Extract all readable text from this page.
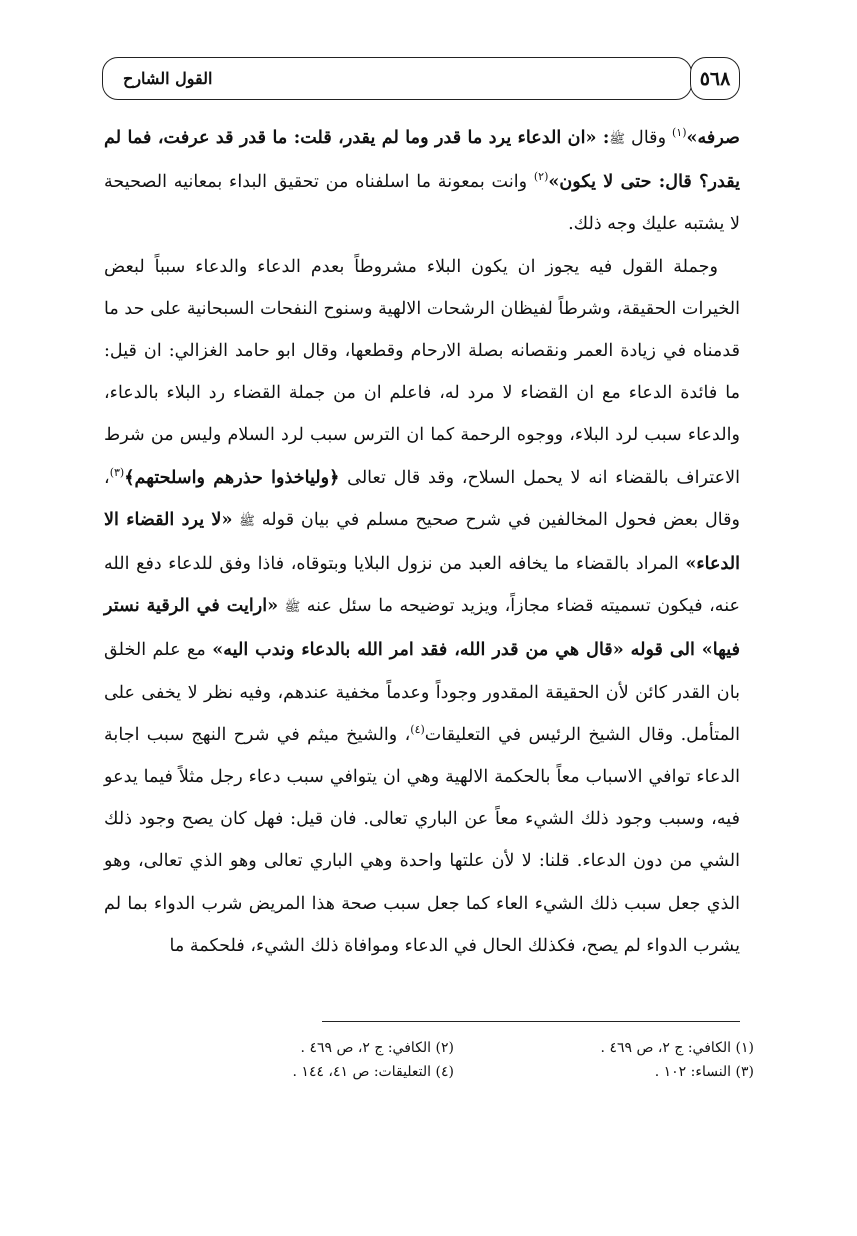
القول الشارح	٥٦٨

صرفه»$^{(١)}$ وقال ﷺ: «ان الدعاء يرد ما قدر وما لم يقدر، قلت: ما قدر قد عرفت، فما لم يقدر؟ قال: حتى لا يكون»$^{(٢)}$ وانت بمعونة ما اسلفناه من تحقيق البداء بمعانيه الصحيحة لا يشتبه عليك وجه ذلك.

وجملة القول فيه يجوز ان يكون البلاء مشروطاً بعدم الدعاء والدعاء سبباً لبعض الخيرات الحقيقة، وشرطاً لفيظان الرشحات الالهية وسنوح النفحات السبحانية على حد ما قدمناه في زيادة العمر ونقصانه بصلة الارحام وقطعها، وقال ابو حامد الغزالي: ان قيل: ما فائدة الدعاء مع ان القضاء لا مرد له، فاعلم ان من جملة القضاء رد البلاء بالدعاء، والدعاء سبب لرد البلاء، ووجوه الرحمة كما ان الترس سبب لرد السلام وليس من شرط الاعتراف بالقضاء انه لا يحمل السلاح، وقد قال تعالى ﴿ولياخذوا حذرهم واسلحتهم﴾$^{(٣)}$، وقال بعض فحول المخالفين في شرح صحيح مسلم في بيان قوله ﷺ «لا يرد القضاء الا الدعاء» المراد بالقضاء ما يخافه العبد من نزول البلايا وبتوقاه، فاذا وفق للدعاء دفع الله عنه، فيكون تسميته قضاء مجازاً، ويزيد توضيحه ما سئل عنه ﷺ «ارايت في الرقية نستر فيها» الى قوله «قال هي من قدر الله، فقد امر الله بالدعاء وندب اليه» مع علم الخلق بان القدر كائن لأن الحقيقة المقدور وجوداً وعدماً مخفية عندهم، وفيه نظر لا يخفى على المتأمل. وقال الشيخ الرئيس في التعليقات$^{(٤)}$، والشيخ ميثم في شرح النهج سبب اجابة الدعاء توافي الاسباب معاً بالحكمة الالهية وهي ان يتوافي سبب دعاء رجل مثلاً فيما يدعو فيه، وسبب وجود ذلك الشيء معاً عن الباري تعالى. فان قيل: فهل كان يصح وجود ذلك الشي من دون الدعاء. قلنا: لا لأن علتها واحدة وهي الباري تعالى وهو الذي تعالى، وهو الذي جعل سبب ذلك الشيء العاء كما جعل سبب صحة هذا المريض شرب الدواء بما لم يشرب الدواء لم يصح، فكذلك الحال في الدعاء وموافاة ذلك الشيء، فلحكمة ما

(١) الكافي: ج ٢، ص ٤٦٩ .
(٢) الكافي: ج ٢، ص ٤٦٩ .
(٣) النساء: ١٠٢ .
(٤) التعليقات: ص ٤١، ١٤٤ .
